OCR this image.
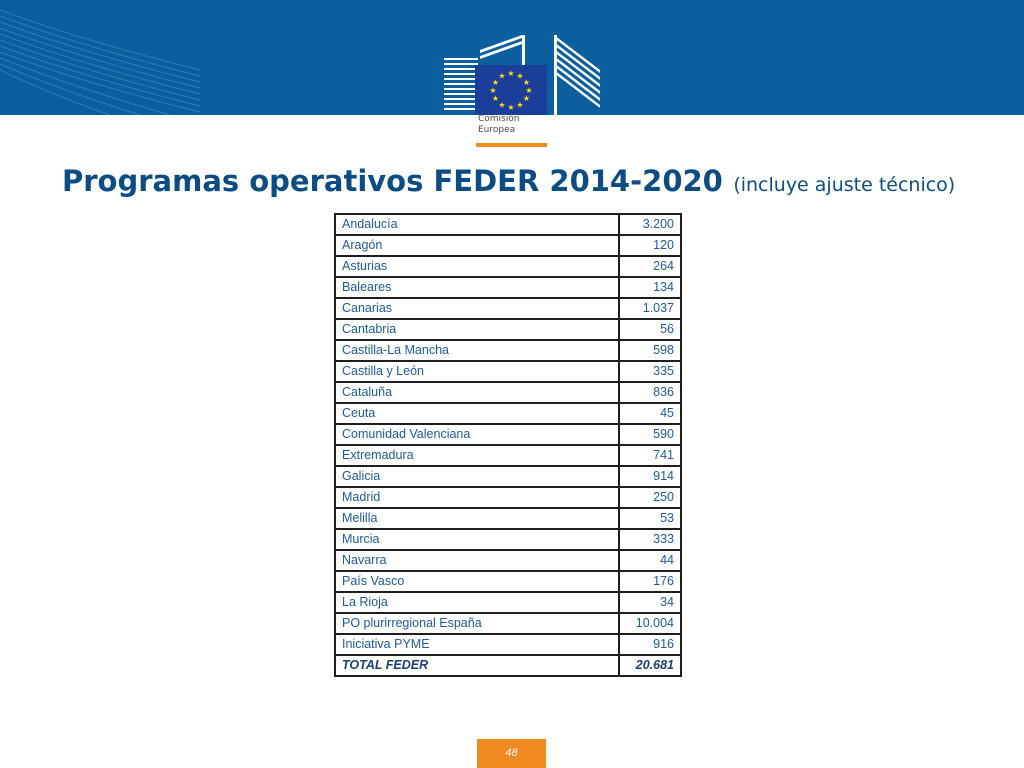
★ ★
★
★
★
★
★
★
★
★
★
★
Comisión
Europea
Programas operativos FEDER 2014-2020 (incluye ajuste técnico)
Andalucía	3.200
Aragón	120
Asturias	264
Baleares	134
Canarias	1.037
Cantabria	56
Castilla-La Mancha	598
Castilla y León	335
Cataluña	836
Ceuta	45
Comunidad Valenciana	590
Extremadura	741
Galicia	914
Madrid	250
Melilla	53
Murcia	333
Navarra	44
País Vasco	176
La Rioja	34
PO plurirregional España	10.004
Iniciativa PYME	916
TOTAL FEDER	20.681
48
